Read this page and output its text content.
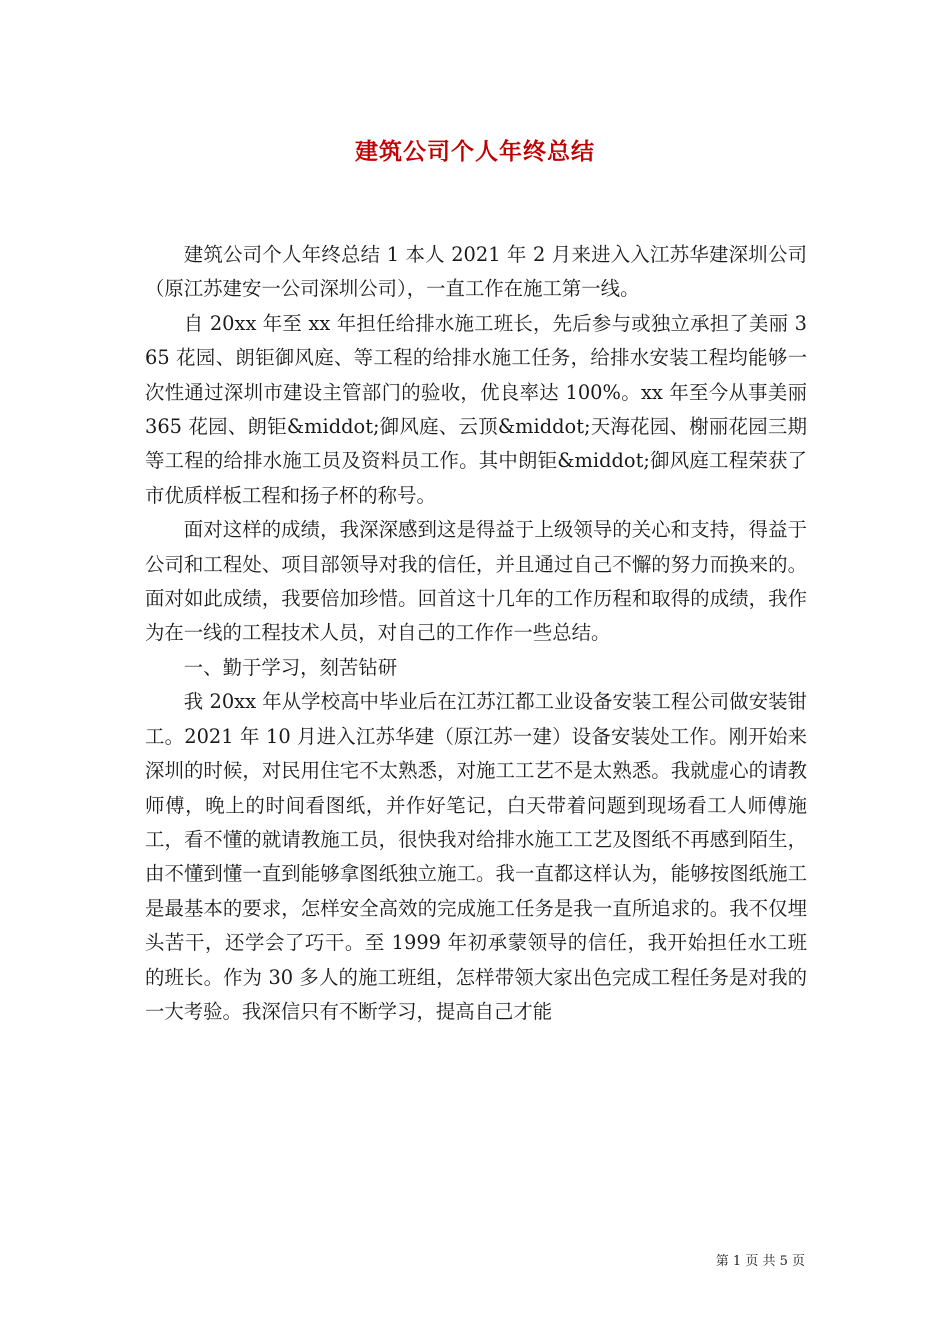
建筑公司个人年终总结

建筑公司个人年终总结 1 本人 2021 年 2 月来进入入江苏华建深圳公司（原江苏建安一公司深圳公司），一直工作在施工第一线。

自 20xx 年至 xx 年担任给排水施工班长，先后参与或独立承担了美丽 365 花园、朗钜御风庭、等工程的给排水施工任务，给排水安装工程均能够一次性通过深圳市建设主管部门的验收，优良率达 100%。xx 年至今从事美丽 365 花园、朗钜&middot;御风庭、云顶&middot;天海花园、榭丽花园三期等工程的给排水施工员及资料员工作。其中朗钜&middot;御风庭工程荣获了市优质样板工程和扬子杯的称号。

面对这样的成绩，我深深感到这是得益于上级领导的关心和支持，得益于公司和工程处、项目部领导对我的信任，并且通过自己不懈的努力而换来的。面对如此成绩，我要倍加珍惜。回首这十几年的工作历程和取得的成绩，我作为在一线的工程技术人员，对自己的工作作一些总结。

一、勤于学习，刻苦钻研

我 20xx 年从学校高中毕业后在江苏江都工业设备安装工程公司做安装钳工。2021 年 10 月进入江苏华建（原江苏一建）设备安装处工作。刚开始来深圳的时候，对民用住宅不太熟悉，对施工工艺不是太熟悉。我就虚心的请教师傅，晚上的时间看图纸，并作好笔记，白天带着问题到现场看工人师傅施工，看不懂的就请教施工员，很快我对给排水施工工艺及图纸不再感到陌生，由不懂到懂一直到能够拿图纸独立施工。我一直都这样认为，能够按图纸施工是最基本的要求，怎样安全高效的完成施工任务是我一直所追求的。我不仅埋头苦干，还学会了巧干。至 1999 年初承蒙领导的信任，我开始担任水工班的班长。作为 30 多人的施工班组，怎样带领大家出色完成工程任务是对我的一大考验。我深信只有不断学习，提高自己才能

第 1 页 共 5 页
